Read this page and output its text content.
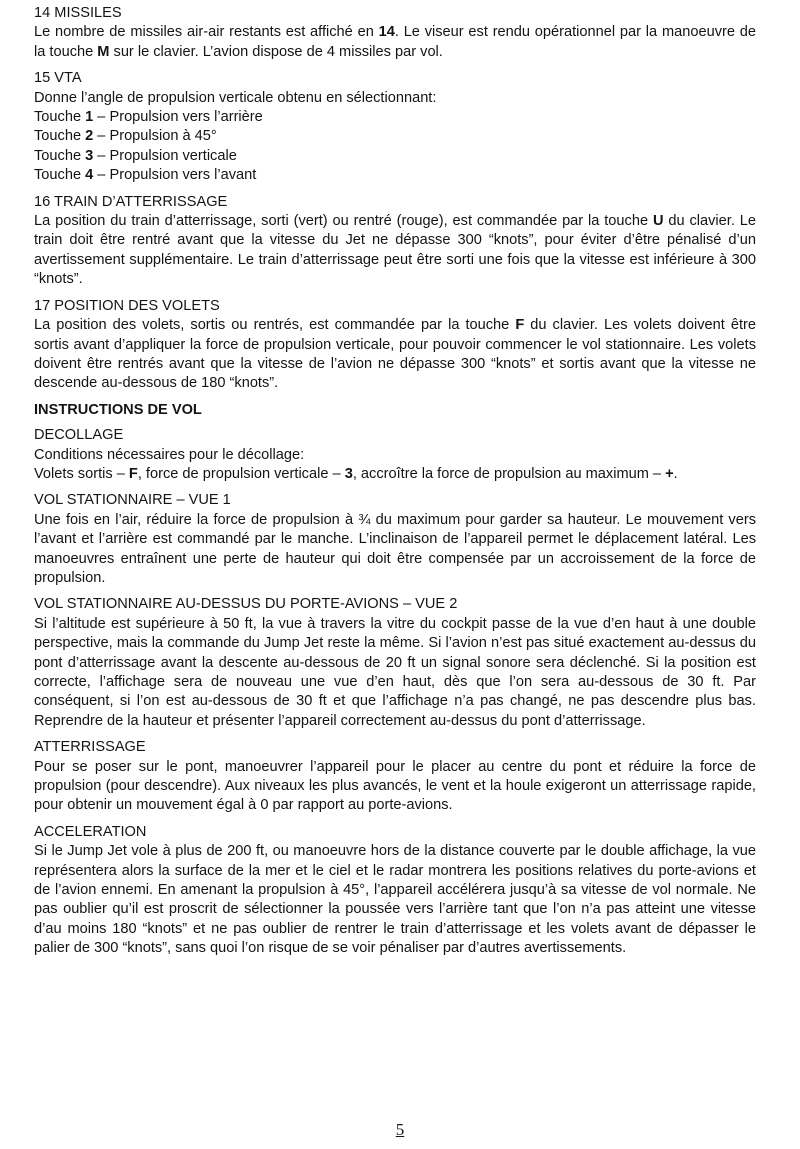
14 MISSILES

Le nombre de missiles air-air restants est affiché en 14. Le viseur est rendu opérationnel par la manoeuvre de la touche M sur le clavier. L’avion dispose de 4 missiles par vol.

15 VTA
Donne l’angle de propulsion verticale obtenu en sélectionnant:
Touche 1 – Propulsion vers l’arrière
Touche 2 – Propulsion à 45°
Touche 3 – Propulsion verticale
Touche 4 – Propulsion vers l’avant
16 TRAIN D’ATTERRISSAGE

La position du train d’atterrissage, sorti (vert) ou rentré (rouge), est commandée par la touche U du clavier. Le train doit être rentré avant que la vitesse du Jet ne dépasse 300 “knots”, pour éviter d’être pénalisé d’un avertissement supplémentaire. Le train d’atterrissage peut être sorti une fois que la vitesse est inférieure à 300 “knots”.

17 POSITION DES VOLETS

La position des volets, sortis ou rentrés, est commandée par la touche F du clavier. Les volets doivent être sortis avant d’appliquer la force de propulsion verticale, pour pouvoir commencer le vol stationnaire. Les volets doivent être rentrés avant que la vitesse de l’avion ne dépasse 300 “knots” et sortis avant que la vitesse ne descende au-dessous de 180 “knots”.

INSTRUCTIONS DE VOL
DECOLLAGE
Conditions nécessaires pour le décollage:

Volets sortis – F, force de propulsion verticale – 3, accroître la force de propulsion au maximum – +.

VOL STATIONNAIRE – VUE 1

Une fois en l’air, réduire la force de propulsion à ¾ du maximum pour garder sa hauteur. Le mouvement vers l’avant et l’arrière est commandé par le manche. L’inclinaison de l’appareil permet le déplacement latéral. Les manoeuvres entraînent une perte de hauteur qui doit être compensée par un accroissement de la force de propulsion.

VOL STATIONNAIRE AU-DESSUS DU PORTE-AVIONS – VUE 2

Si l’altitude est supérieure à 50 ft, la vue à travers la vitre du cockpit passe de la vue d’en haut à une double perspective, mais la commande du Jump Jet reste la même. Si l’avion n’est pas situé exactement au-dessus du pont d’atterrissage avant la descente au-dessous de 20 ft un signal sonore sera déclenché. Si la position est correcte, l’affichage sera de nouveau une vue d’en haut, dès que l’on sera au-dessous de 30 ft. Par conséquent, si l’on est au-dessous de 30 ft et que l’affichage n’a pas changé, ne pas descendre plus bas. Reprendre de la hauteur et présenter l’appareil correctement au-dessus du pont d’atterrissage.

ATTERRISSAGE

Pour se poser sur le pont, manoeuvrer l’appareil pour le placer au centre du pont et réduire la force de propulsion (pour descendre). Aux niveaux les plus avancés, le vent et la houle exigeront un atterrissage rapide, pour obtenir un mouvement égal à 0 par rapport au porte-avions.

ACCELERATION

Si le Jump Jet vole à plus de 200 ft, ou manoeuvre hors de la distance couverte par le double affichage, la vue représentera alors la surface de la mer et le ciel et le radar montrera les positions relatives du porte-avions et de l’avion ennemi. En amenant la propulsion à 45°, l’appareil accélérera jusqu’à sa vitesse de vol normale. Ne pas oublier qu’il est proscrit de sélectionner la poussée vers l’arrière tant que l’on n’a pas atteint une vitesse d’au moins 180 “knots” et ne pas oublier de rentrer le train d’atterrissage et les volets avant de dépasser le palier de 300 “knots”, sans quoi l’on risque de se voir pénaliser par d’autres avertissements.

5
